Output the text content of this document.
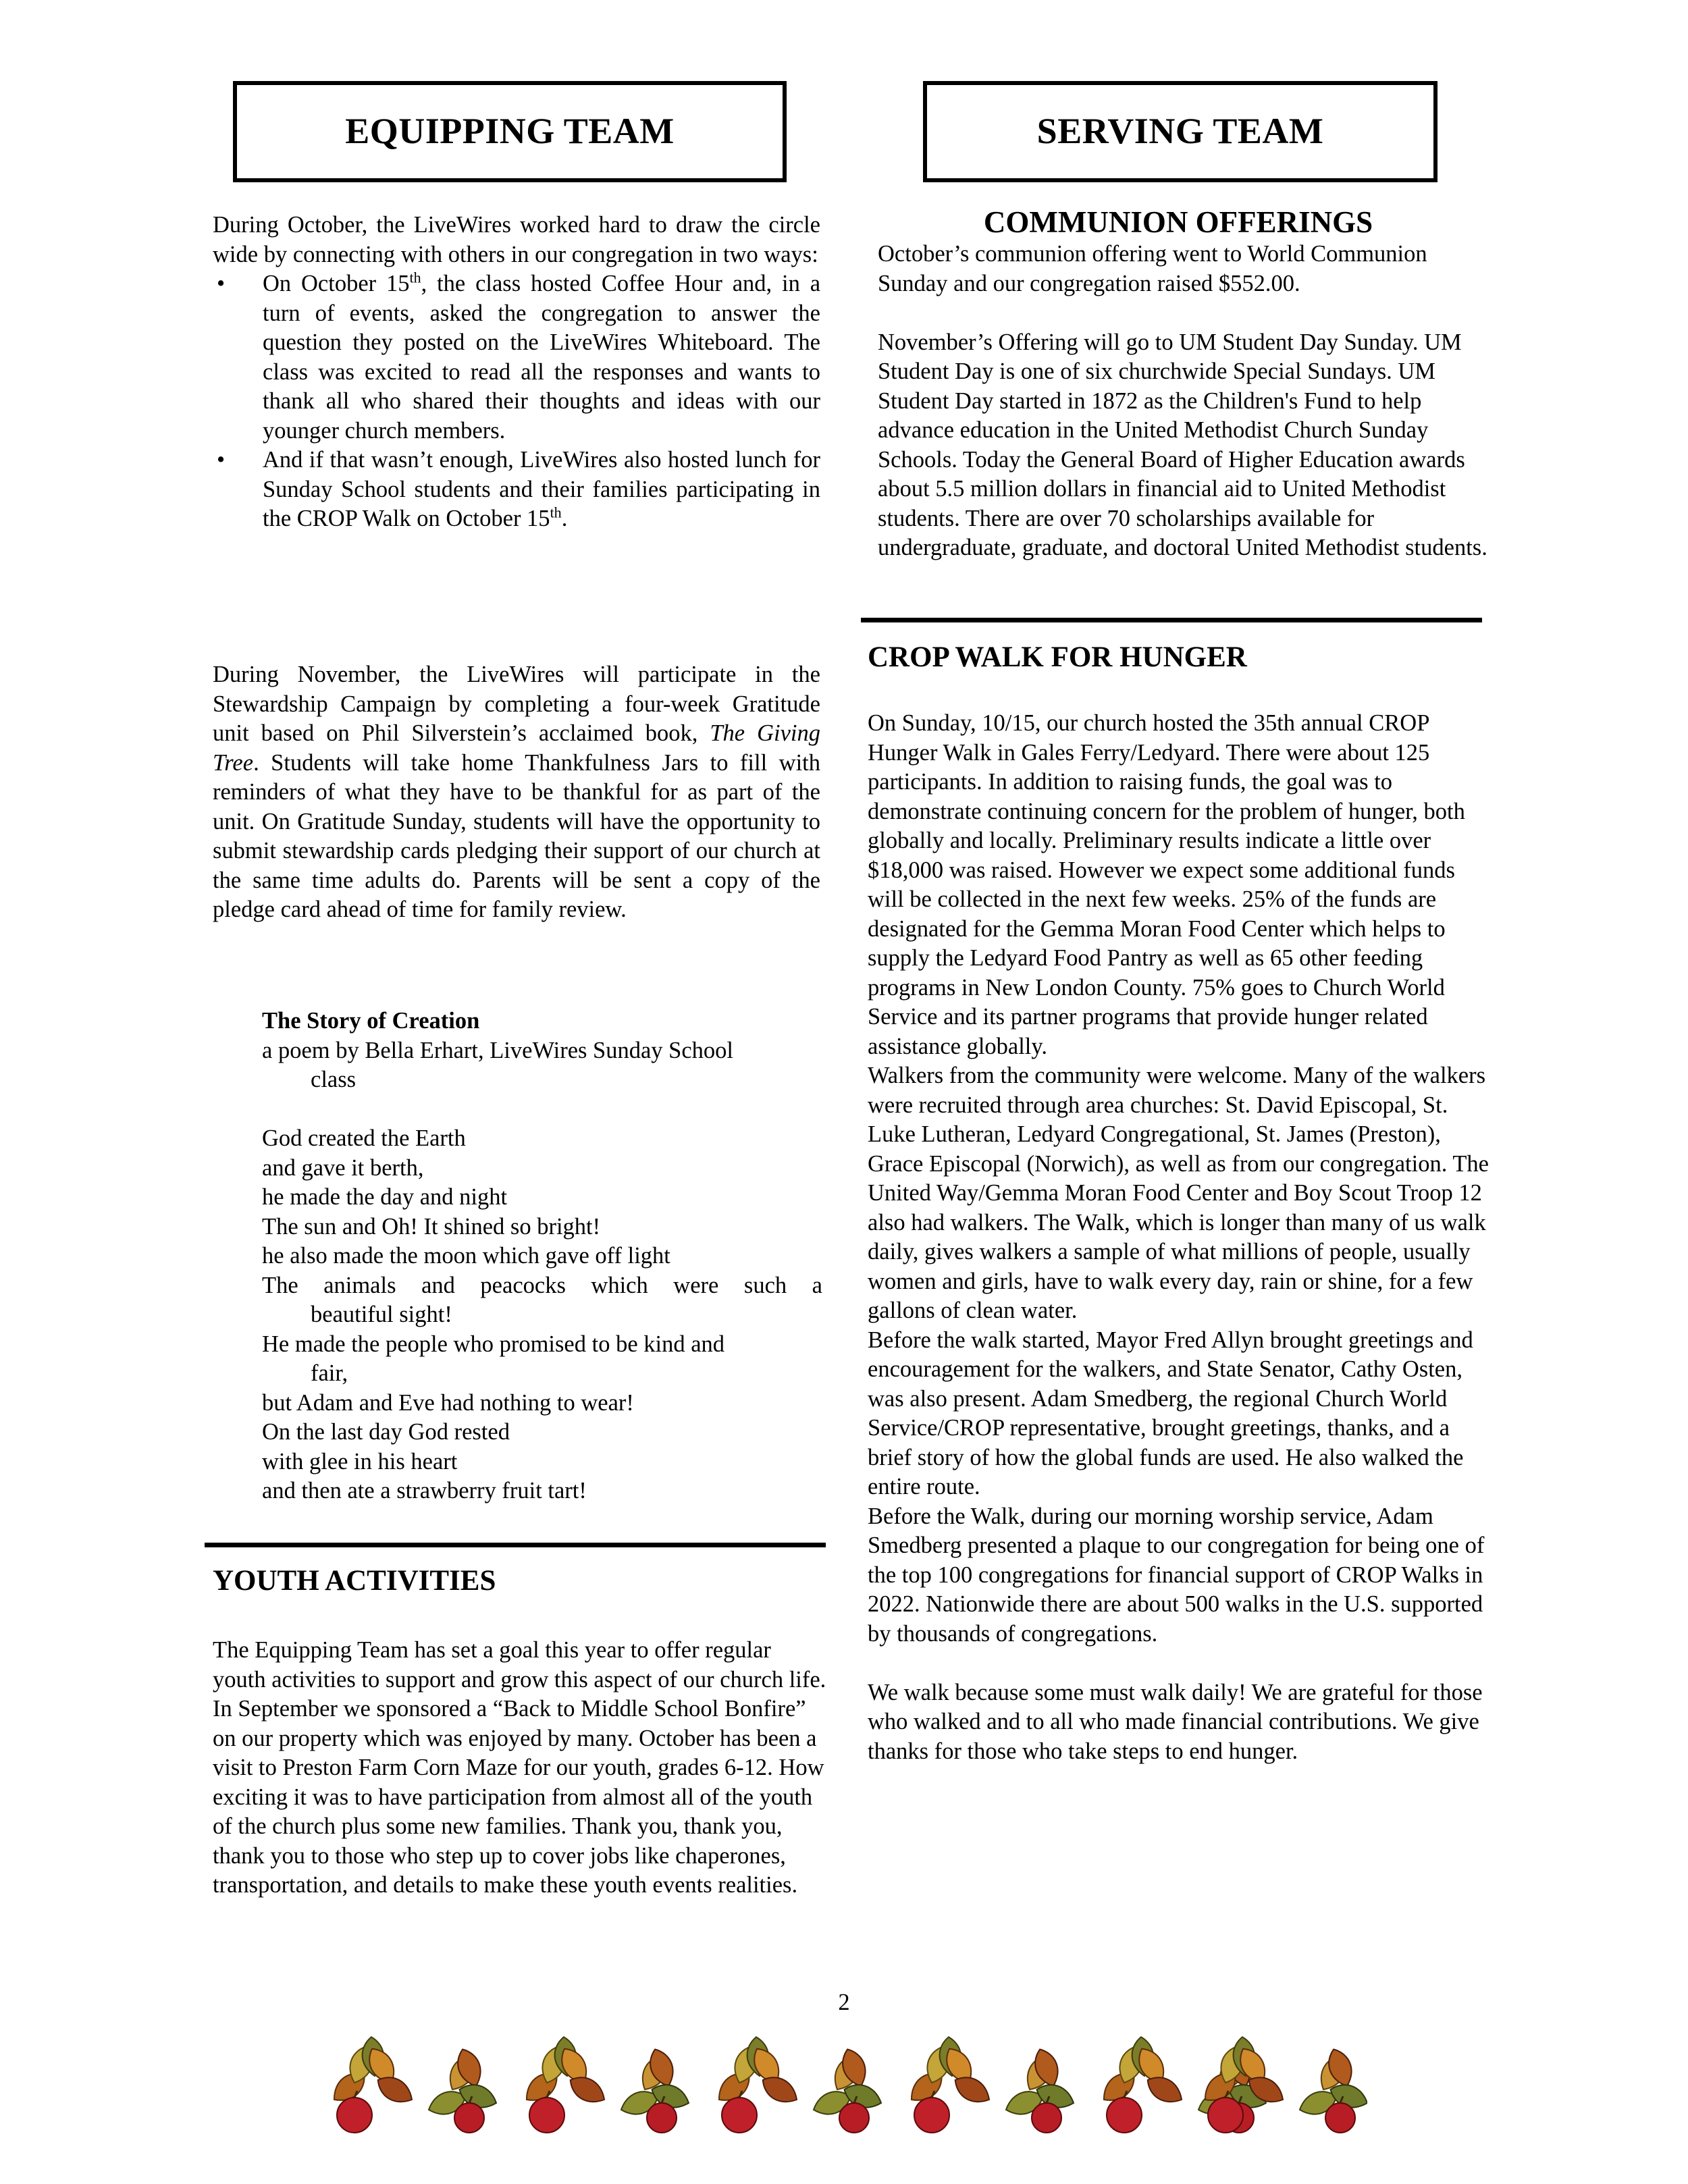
EQUIPPING TEAM

During October, the LiveWires worked hard to draw the circle wide by connecting with others in our congregation in two ways:

• On October 15th, the class hosted Coffee Hour and, in a turn of events, asked the congregation to answer the question they posted on the LiveWires Whiteboard. The class was excited to read all the responses and wants to thank all who shared their thoughts and ideas with our younger church members.
• And if that wasn’t enough, LiveWires also hosted lunch for Sunday School students and their families participating in the CROP Walk on October 15th.
During November, the LiveWires will participate in the Stewardship Campaign by completing a four-week Gratitude unit based on Phil Silverstein’s acclaimed book, The Giving Tree. Students will take home Thankfulness Jars to fill with reminders of what they have to be thankful for as part of the unit. On Gratitude Sunday, students will have the opportunity to submit stewardship cards pledging their support of our church at the same time adults do. Parents will be sent a copy of the pledge card ahead of time for family review.
The Story of Creation
a poem by Bella Erhart, LiveWires Sunday School
class
God created the Earth
and gave it berth,
he made the day and night
The sun and Oh! It shined so bright!
he also made the moon which gave off light
The animals and peacocks which were such a
beautiful sight!
He made the people who promised to be kind and
fair,
but Adam and Eve had nothing to wear!
On the last day God rested
with glee in his heart
and then ate a strawberry fruit tart!
YOUTH ACTIVITIES
The Equipping Team has set a goal this year to offer regular youth activities to support and grow this aspect of our church life. In September we sponsored a “Back to Middle School Bonfire” on our property which was enjoyed by many. October has been a visit to Preston Farm Corn Maze for our youth, grades 6-12. How exciting it was to have participation from almost all of the youth of the church plus some new families. Thank you, thank you, thank you to those who step up to cover jobs like chaperones, transportation, and details to make these youth events realities.
SERVING TEAM
COMMUNION OFFERINGS

October’s communion offering went to World Communion Sunday and our congregation raised $552.00.

November’s Offering will go to UM Student Day Sunday. UM Student Day is one of six churchwide Special Sundays. UM Student Day started in 1872 as the Children's Fund to help advance education in the United Methodist Church Sunday Schools. Today the General Board of Higher Education awards about 5.5 million dollars in financial aid to United Methodist students. There are over 70 scholarships available for undergraduate, graduate, and doctoral United Methodist students.

CROP WALK FOR HUNGER

On Sunday, 10/15, our church hosted the 35th annual CROP Hunger Walk in Gales Ferry/Ledyard. There were about 125 participants. In addition to raising funds, the goal was to demonstrate continuing concern for the problem of hunger, both globally and locally. Preliminary results indicate a little over $18,000 was raised. However we expect some additional funds will be collected in the next few weeks. 25% of the funds are designated for the Gemma Moran Food Center which helps to supply the Ledyard Food Pantry as well as 65 other feeding programs in New London County. 75% goes to Church World Service and its partner programs that provide hunger related assistance globally.

Walkers from the community were welcome. Many of the walkers were recruited through area churches: St. David Episcopal, St. Luke Lutheran, Ledyard Congregational, St. James (Preston), Grace Episcopal (Norwich), as well as from our congregation. The United Way/Gemma Moran Food Center and Boy Scout Troop 12 also had walkers. The Walk, which is longer than many of us walk daily, gives walkers a sample of what millions of people, usually women and girls, have to walk every day, rain or shine, for a few gallons of clean water.

Before the walk started, Mayor Fred Allyn brought greetings and encouragement for the walkers, and State Senator, Cathy Osten, was also present. Adam Smedberg, the regional Church World Service/CROP representative, brought greetings, thanks, and a brief story of how the global funds are used. He also walked the entire route.

Before the Walk, during our morning worship service, Adam Smedberg presented a plaque to our congregation for being one of the top 100 congregations for financial support of CROP Walks in 2022. Nationwide there are about 500 walks in the U.S. supported by thousands of congregations.

We walk because some must walk daily! We are grateful for those who walked and to all who made financial contributions. We give thanks for those who take steps to end hunger.

2
